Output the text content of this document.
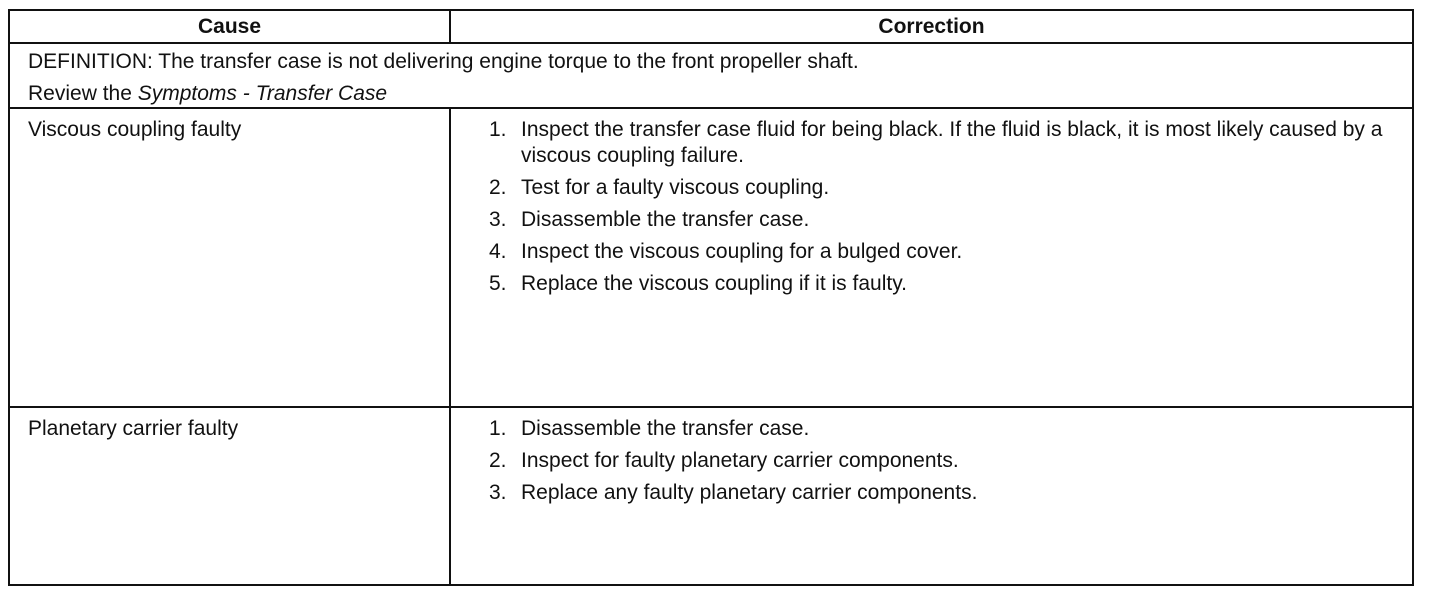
Cause	Correction
DEFINITION: The transfer case is not delivering engine torque to the front propeller shaft.
Review the Symptoms - Transfer Case
Viscous coupling faulty	1. Inspect the transfer case fluid for being black. If the fluid is black, it is most likely caused by a viscous coupling failure.
2. Test for a faulty viscous coupling.
3. Disassemble the transfer case.
4. Inspect the viscous coupling for a bulged cover.
5. Replace the viscous coupling if it is faulty.
Planetary carrier faulty	1. Disassemble the transfer case.
2. Inspect for faulty planetary carrier components.
3. Replace any faulty planetary carrier components.
